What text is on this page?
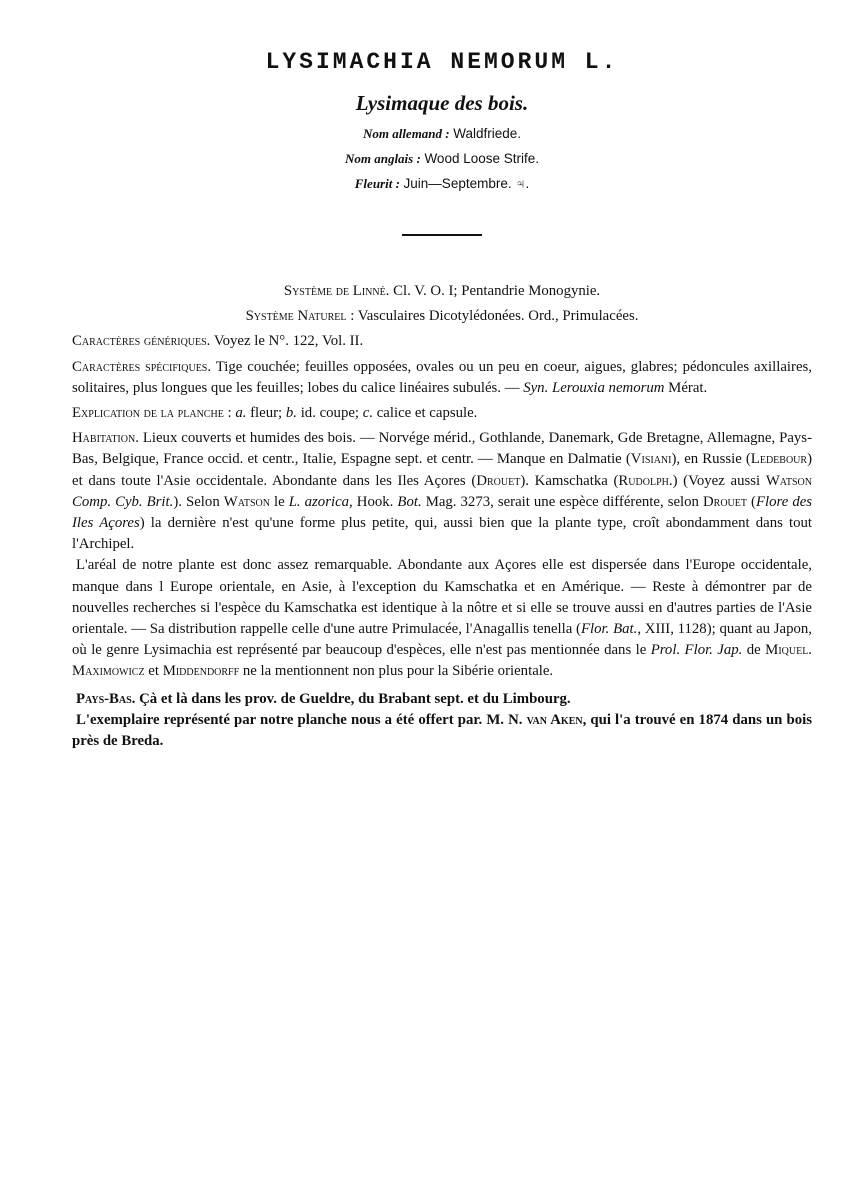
LYSIMACHIA NEMORUM L.
Lysimaque des bois.
Nom allemand : Waldfriede.
Nom anglais : Wood Loose Strife.
Fleurit : Juin—Septembre. ♃.

Système de Linné. Cl. V. O. I; Pentandrie Monogynie.

Système Naturel : Vasculaires Dicotylédonées. Ord., Primulacées.

Caractères génériques. Voyez le N°. 122, Vol. II.

Caractères spécifiques. Tige couchée; feuilles opposées, ovales ou un peu en coeur, aigues, glabres; pédoncules axillaires, solitaires, plus longues que les feuilles; lobes du calice linéaires subulés. — Syn. Lerouxia nemorum Mérat.

Explication de la planche : a. fleur; b. id. coupe; c. calice et capsule.

Habitation. Lieux couverts et humides des bois. — Norvége mérid., Gothlande, Danemark, Gde Bretagne, Allemagne, Pays-Bas, Belgique, France occid. et centr., Italie, Espagne sept. et centr. — Manque en Dalmatie (Visiani), en Russie (Ledebour) et dans toute l'Asie occidentale. Abondante dans les Iles Açores (Drouet). Kamschatka (Rudolph.) (Voyez aussi Watson Comp. Cyb. Brit.). Selon Watson le L. azorica, Hook. Bot. Mag. 3273, serait une espèce différente, selon Drouet (Flore des Iles Açores) la dernière n'est qu'une forme plus petite, qui, aussi bien que la plante type, croît abondamment dans tout l'Archipel.

L'aréal de notre plante est donc assez remarquable. Abondante aux Açores elle est dispersée dans l'Europe occidentale, manque dans l Europe orientale, en Asie, à l'exception du Kamschatka et en Amérique. — Reste à démontrer par de nouvelles recherches si l'espèce du Kamschatka est identique à la nôtre et si elle se trouve aussi en d'autres parties de l'Asie orientale. — Sa distribution rappelle celle d'une autre Primulacée, l'Anagallis tenella (Flor. Bat., XIII, 1128); quant au Japon, où le genre Lysimachia est représenté par beaucoup d'espèces, elle n'est pas mentionnée dans le Prol. Flor. Jap. de Miquel. Maximowicz et Middendorff ne la mentionnent non plus pour la Sibérie orientale.

Pays-Bas. Çà et là dans les prov. de Gueldre, du Brabant sept. et du Limbourg.

L'exemplaire représenté par notre planche nous a été offert par. M. N. van Aken, qui l'a trouvé en 1874 dans un bois près de Breda.
